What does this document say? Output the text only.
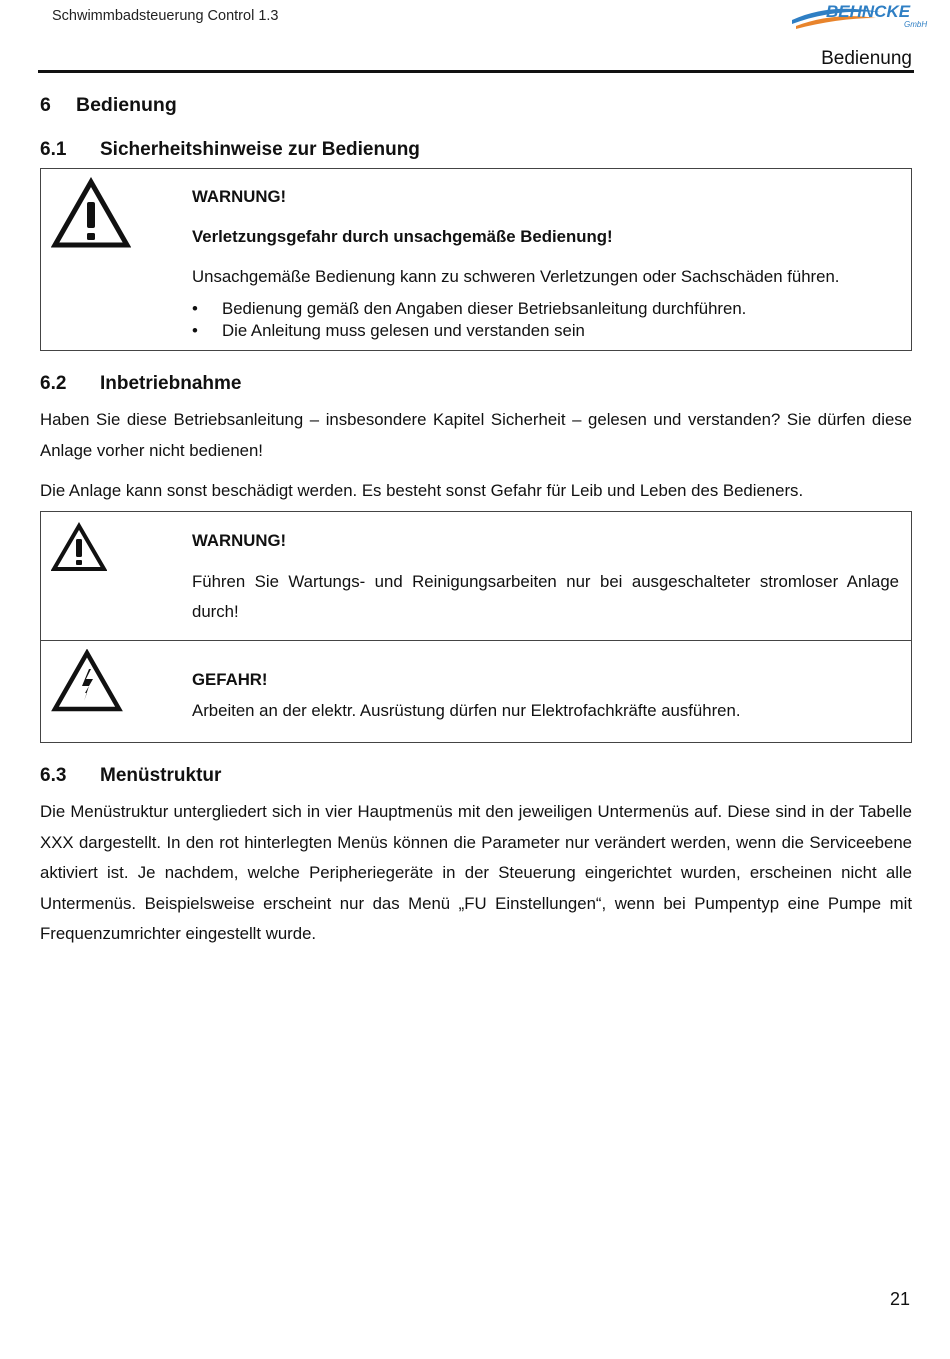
Schwimmbadsteuerung Control 1.3	BEHNCKE
GmbH
Bedienung
6 Bedienung
6.1 Sicherheitshinweise zur Bedienung
WARNUNG!
Verletzungsgefahr durch unsachgemäße Bedienung!
Unsachgemäße Bedienung kann zu schweren Verletzungen oder Sachschäden führen.
• Bedienung gemäß den Angaben dieser Betriebsanleitung durchführen.
• Die Anleitung muss gelesen und verstanden sein
6.2 Inbetriebnahme
Haben Sie diese Betriebsanleitung – insbesondere Kapitel Sicherheit – gelesen und verstanden? Sie dürfen diese Anlage vorher nicht bedienen!
Die Anlage kann sonst beschädigt werden. Es besteht sonst Gefahr für Leib und Leben des Bedieners.
WARNUNG!
Führen Sie Wartungs- und Reinigungsarbeiten nur bei ausgeschalteter stromloser Anlage durch!
GEFAHR!
Arbeiten an der elektr. Ausrüstung dürfen nur Elektrofachkräfte ausführen.
6.3 Menüstruktur
Die Menüstruktur untergliedert sich in vier Hauptmenüs mit den jeweiligen Untermenüs auf. Diese sind in der Tabelle XXX dargestellt. In den rot hinterlegten Menüs können die Parameter nur verändert werden, wenn die Serviceebene aktiviert ist. Je nachdem, welche Peripheriegeräte in der Steuerung eingerichtet wurden, erscheinen nicht alle Untermenüs. Beispielsweise erscheint nur das Menü „FU Einstellungen“, wenn bei Pumpentyp eine Pumpe mit Frequenzumrichter eingestellt wurde.
21
